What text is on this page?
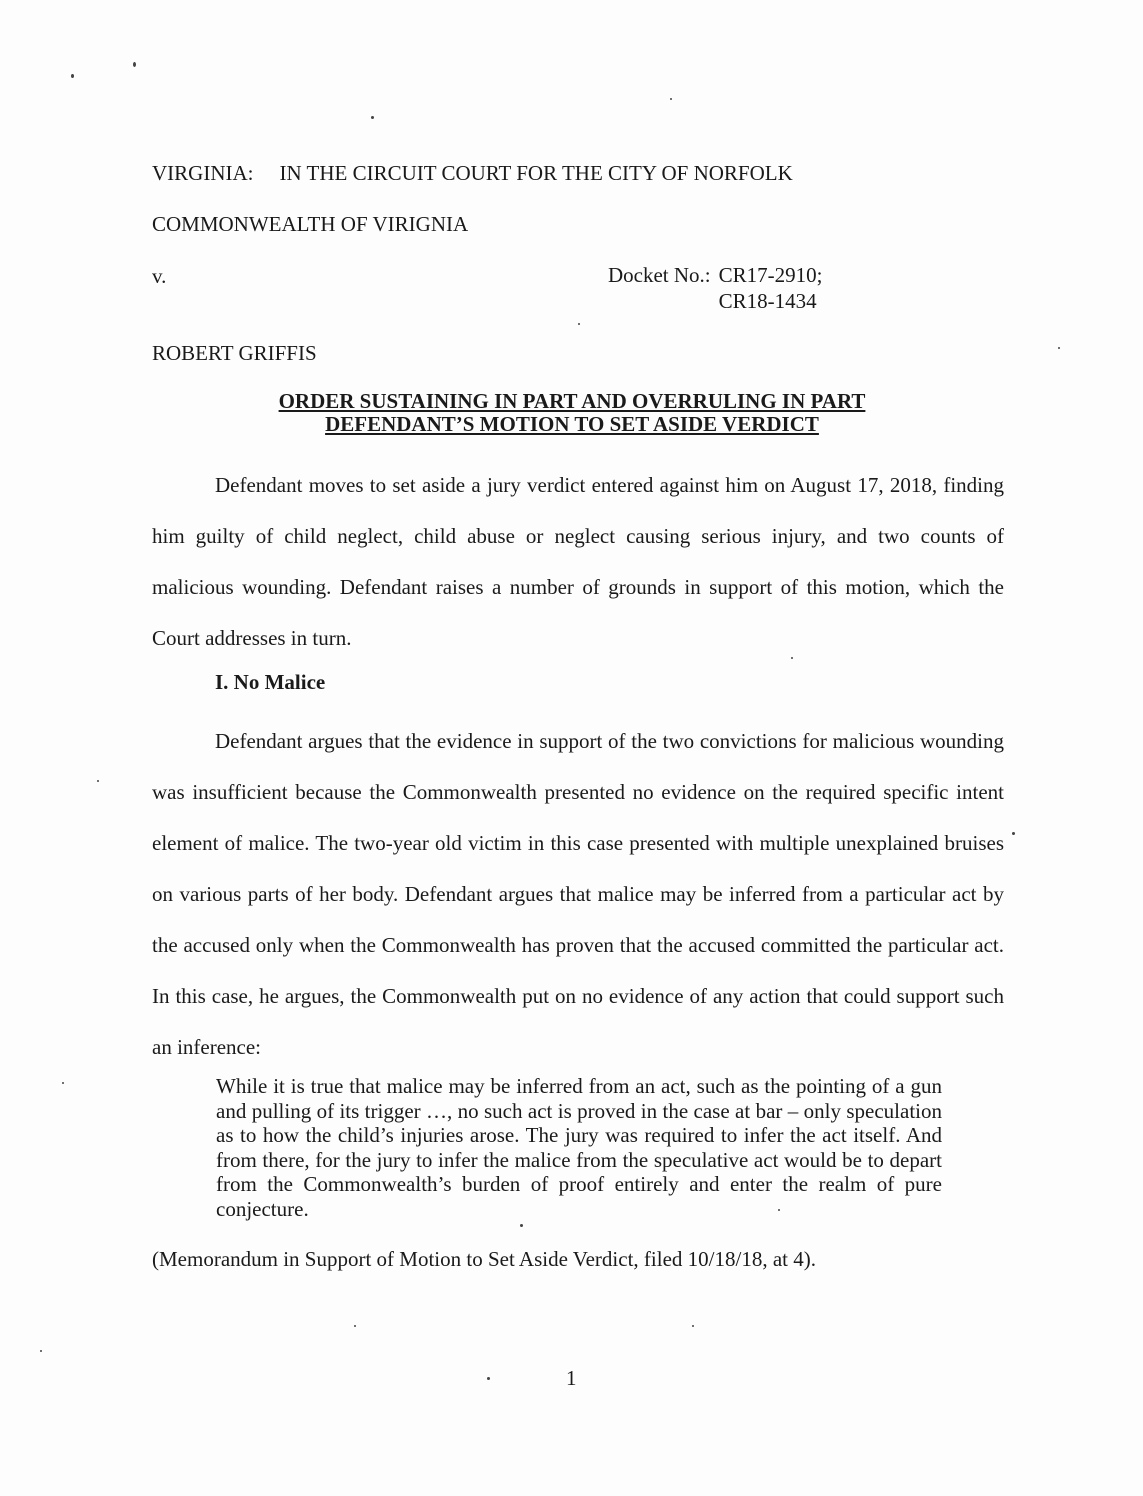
VIRGINIA: IN THE CIRCUIT COURT FOR THE CITY OF NORFOLK
COMMONWEALTH OF VIRIGNIA
v.	Docket No.: CR17-2910;
CR18-1434
ROBERT GRIFFIS
ORDER SUSTAINING IN PART AND OVERRULING IN PART
DEFENDANT’S MOTION TO SET ASIDE VERDICT

Defendant moves to set aside a jury verdict entered against him on August 17, 2018, finding him guilty of child neglect, child abuse or neglect causing serious injury, and two counts of malicious wounding. Defendant raises a number of grounds in support of this motion, which the Court addresses in turn.

I. No Malice

Defendant argues that the evidence in support of the two convictions for malicious wounding was insufficient because the Commonwealth presented no evidence on the required specific intent element of malice. The two-year old victim in this case presented with multiple unexplained bruises on various parts of her body. Defendant argues that malice may be inferred from a particular act by the accused only when the Commonwealth has proven that the accused committed the particular act. In this case, he argues, the Commonwealth put on no evidence of any action that could support such an inference:

While it is true that malice may be inferred from an act, such as the pointing of a gun and pulling of its trigger …, no such act is proved in the case at bar – only speculation as to how the child’s injuries arose. The jury was required to infer the act itself. And from there, for the jury to infer the malice from the speculative act would be to depart from the Commonwealth’s burden of proof entirely and enter the realm of pure conjecture.

(Memorandum in Support of Motion to Set Aside Verdict, filed 10/18/18, at 4).
1
